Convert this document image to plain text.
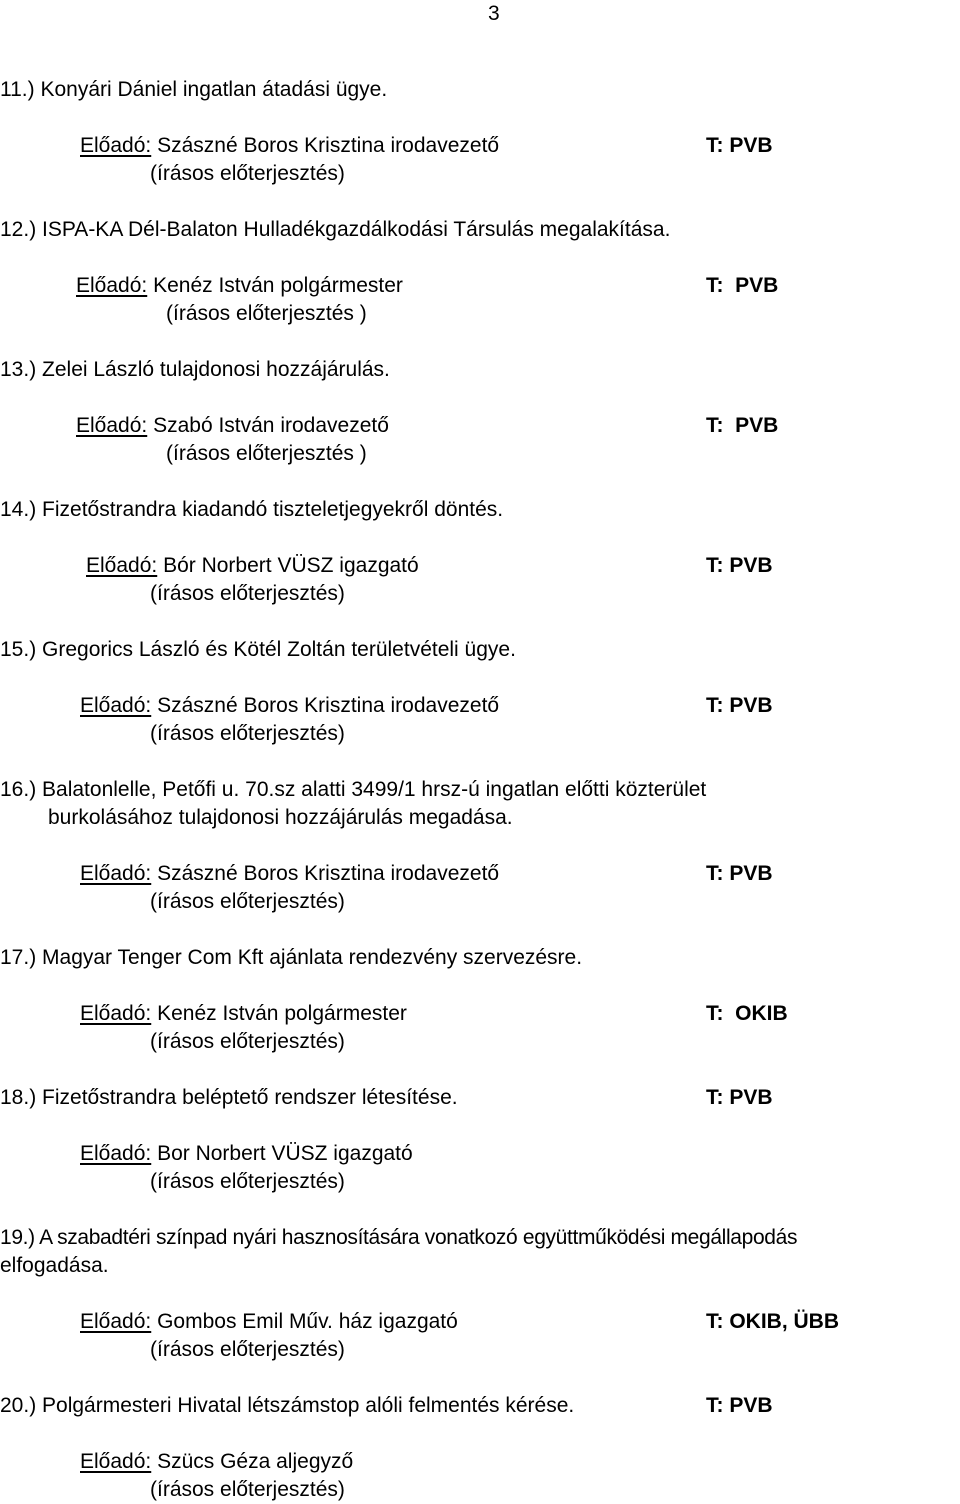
3
11.) Konyári Dániel ingatlan átadási ügye.
Előadó: Szászné Boros Krisztina irodavezető
(írásos előterjesztés)
T: PVB
12.) ISPA-KA Dél-Balaton Hulladékgazdálkodási Társulás megalakítása.
Előadó: Kenéz István polgármester
(írásos előterjesztés )
T:  PVB
13.) Zelei László tulajdonosi hozzájárulás.
Előadó: Szabó István irodavezető
(írásos előterjesztés )
T:  PVB
14.) Fizetőstrandra kiadandó tiszteletjegyekről döntés.
Előadó: Bór Norbert VÜSZ igazgató
(írásos előterjesztés)
T: PVB
15.) Gregorics László és Kötél Zoltán területvételi ügye.
Előadó: Szászné Boros Krisztina irodavezető
(írásos előterjesztés)
T: PVB
16.) Balatonlelle, Petőfi u. 70.sz alatti 3499/1 hrsz-ú ingatlan előtti közterület
burkolásához tulajdonosi hozzájárulás megadása.
Előadó: Szászné Boros Krisztina irodavezető
(írásos előterjesztés)
T: PVB
17.) Magyar Tenger Com Kft ajánlata rendezvény szervezésre.
Előadó: Kenéz István polgármester
(írásos előterjesztés)
T:  OKIB
18.) Fizetőstrandra beléptető rendszer létesítése.	T: PVB
Előadó: Bor Norbert VÜSZ igazgató
(írásos előterjesztés)
19.) A szabadtéri színpad nyári hasznosítására vonatkozó együttműködési megállapodás
elfogadása.
Előadó: Gombos Emil Műv. ház igazgató
(írásos előterjesztés)
T: OKIB, ÜBB
20.) Polgármesteri Hivatal létszámstop alóli felmentés kérése.	T: PVB
Előadó: Szücs Géza aljegyző
(írásos előterjesztés)
